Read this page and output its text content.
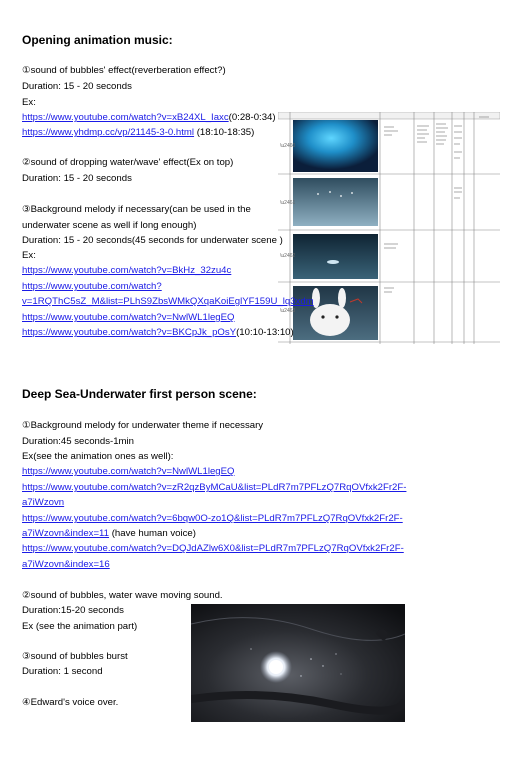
\u2460
\u2461
\u2462
\u2463
Opening animation music:
①sound of bubbles' effect(reverberation effect?)
Duration: 15 - 20 seconds
Ex:
https://www.youtube.com/watch?v=xB24XL_Iaxc(0:28-0:34)
https://www.yhdmp.cc/vp/21145-3-0.html (18:10-18:35)
②sound of dropping water/wave' effect(Ex on top)
Duration: 15 - 20 seconds
③Background melody if necessary(can be used in the
underwater scene as well if long enough)
Duration: 15 - 20 seconds(45 seconds for underwater scene )
Ex:
https://www.youtube.com/watch?v=BkHz_32zu4c
https://www.youtube.com/watch?
v=1RQThC5sZ_M&list=PLhS9ZbsWMkQXqaKoiEglYF159U_lq3xdm
https://www.youtube.com/watch?v=NwlWL1legEQ
https://www.youtube.com/watch?v=BKCpJk_pOsY(10:10-13:10)
Deep Sea-Underwater first person scene:
①Background melody for underwater theme if necessary
Duration:45 seconds-1min
Ex(see the animation ones as well):
https://www.youtube.com/watch?v=NwlWL1legEQ
https://www.youtube.com/watch?v=zR2qzByMCaU&list=PLdR7m7PFLzQ7RqOVfxk2Fr2F-
a7iWzovn
https://www.youtube.com/watch?v=6bqw0O-zo1Q&list=PLdR7m7PFLzQ7RqOVfxk2Fr2F-
a7iWzovn&index=11 (have human voice)
https://www.youtube.com/watch?v=DQJdAZlw6X0&list=PLdR7m7PFLzQ7RqOVfxk2Fr2F-
a7iWzovn&index=16
②sound of bubbles, water wave moving sound.
Duration:15-20 seconds
Ex (see the animation part)
③sound of bubbles burst
Duration: 1 second
④Edward's voice over.
